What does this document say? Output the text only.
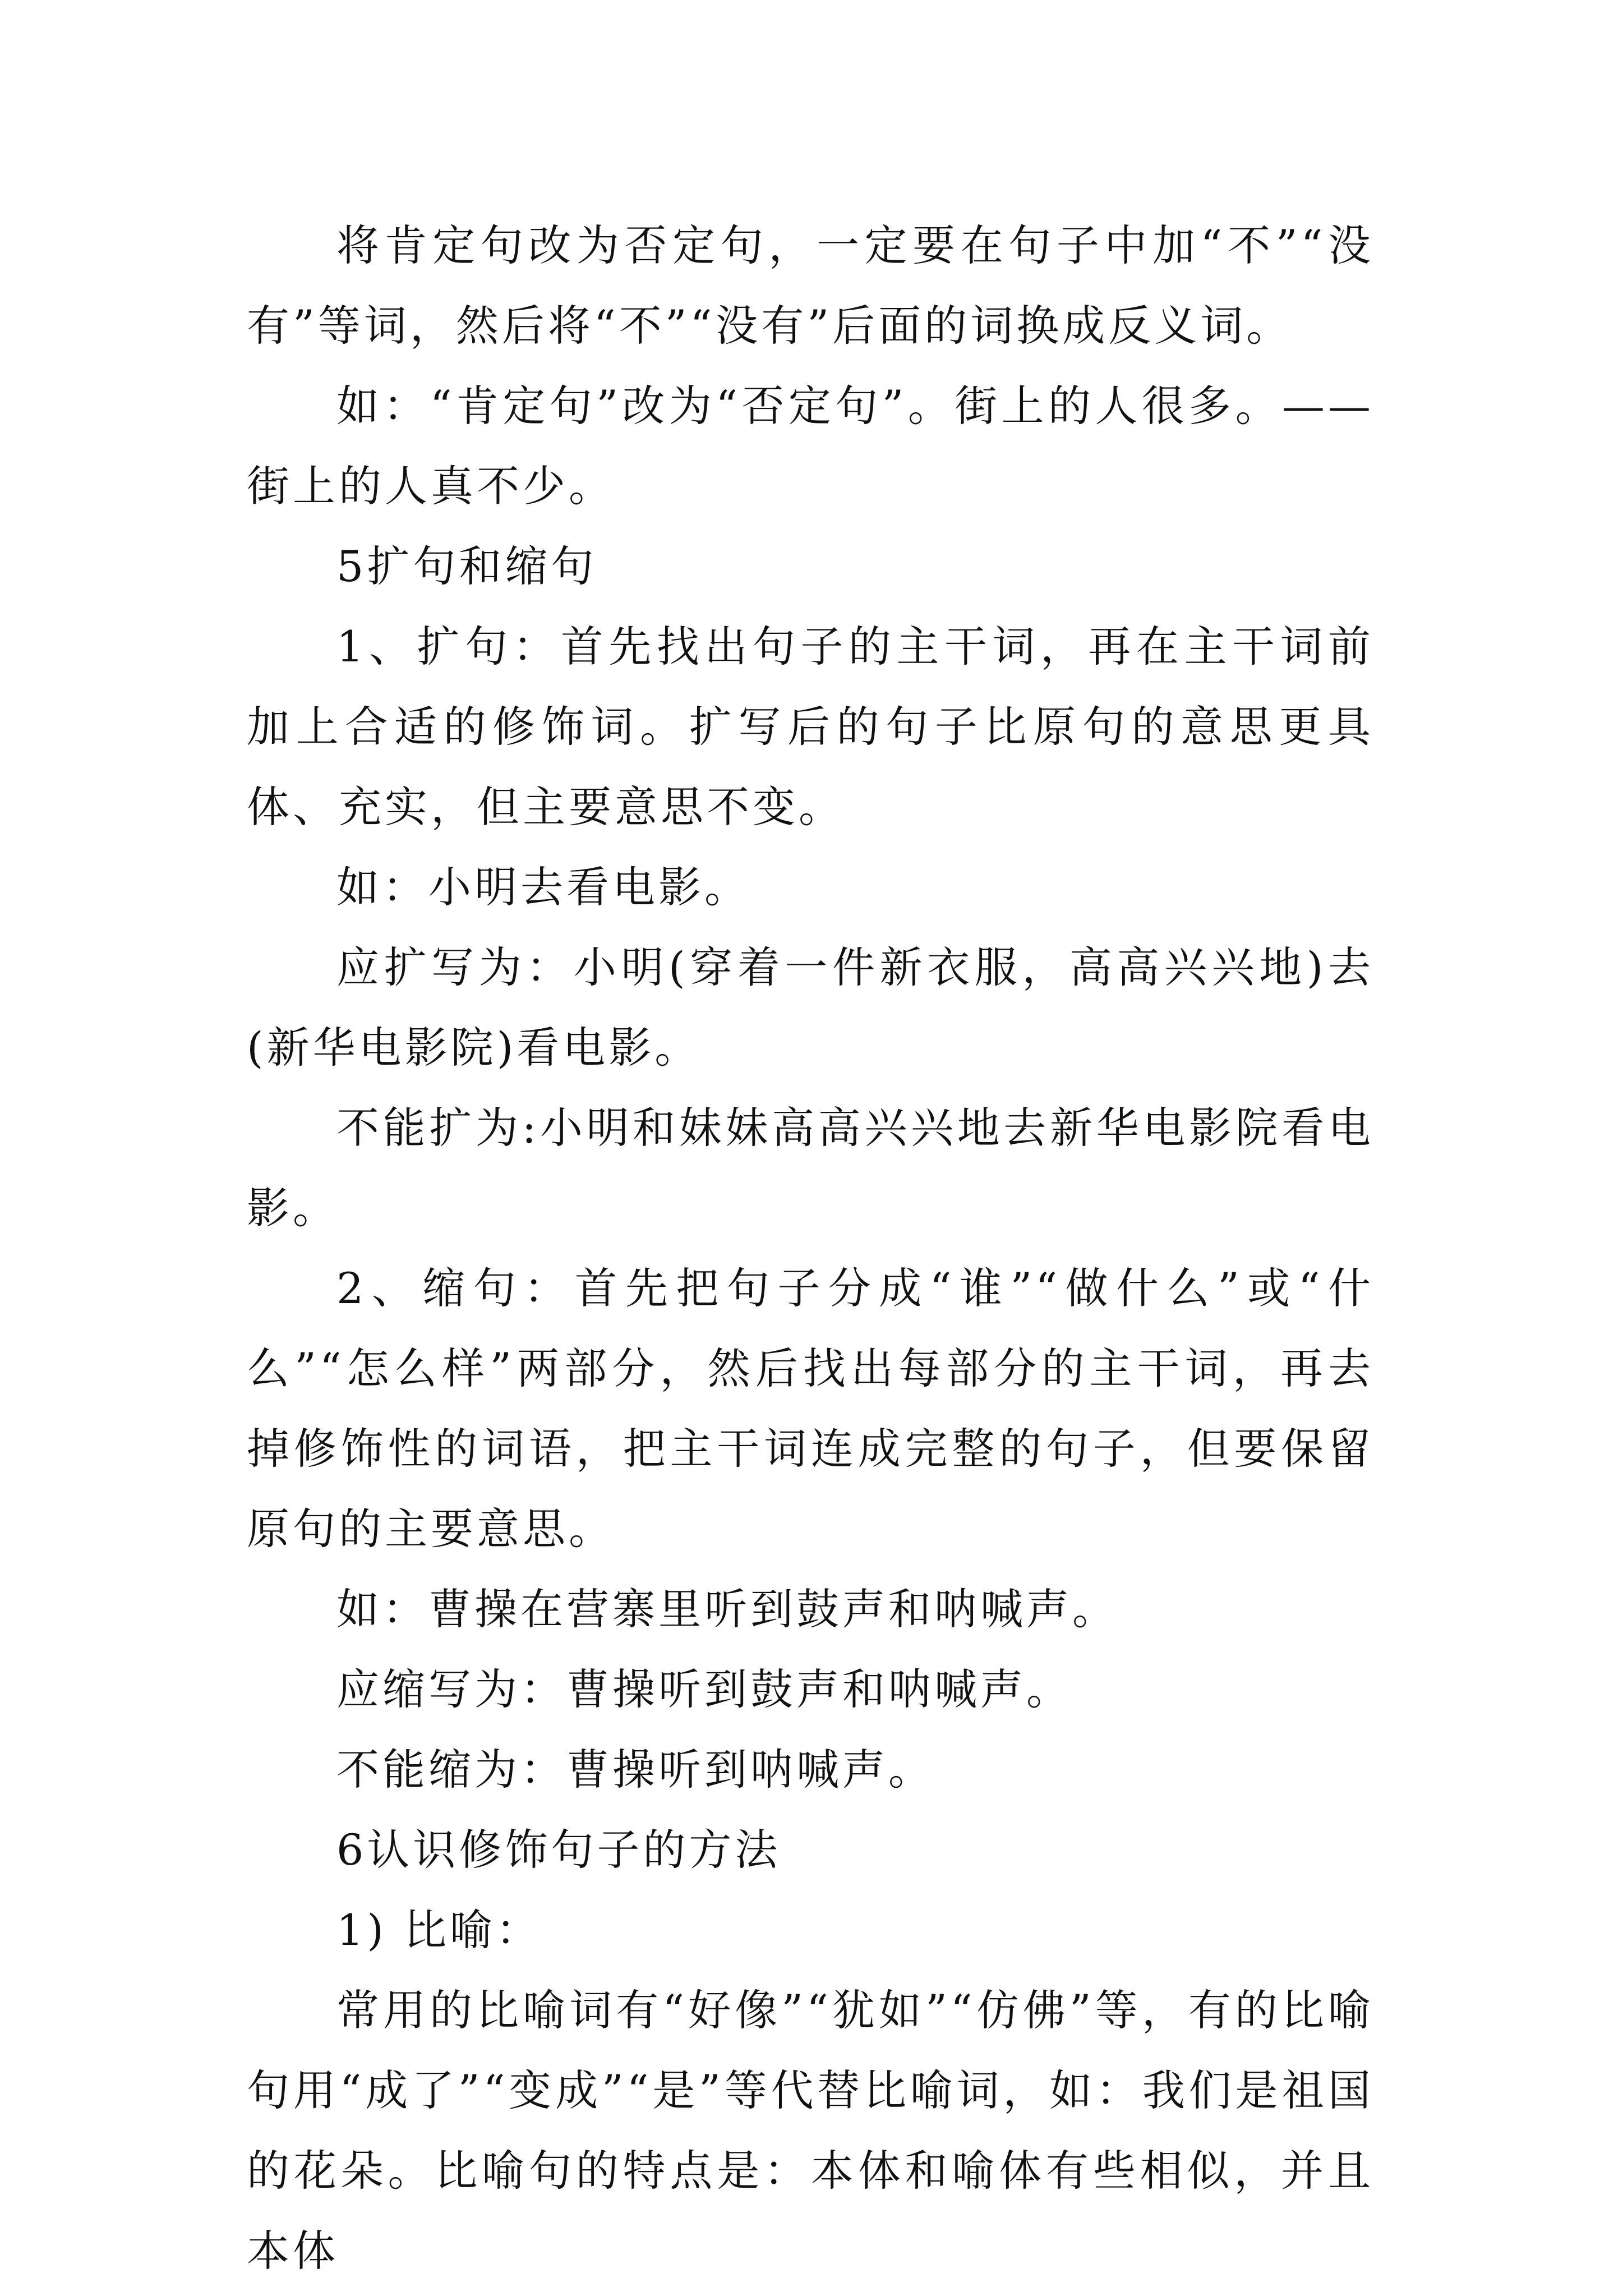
将肯定句改为否定句，一定要在句子中加“不”“没有”等词，然后将“不”“没有”后面的词换成反义词。

如：“肯定句”改为“否定句”。街上的人很多。——街上的人真不少。

5扩句和缩句

1、扩句：首先找出句子的主干词，再在主干词前加上合适的修饰词。扩写后的句子比原句的意思更具体、充实，但主要意思不变。

如：小明去看电影。

应扩写为：小明(穿着一件新衣服，高高兴兴地)去(新华电影院)看电影。

不能扩为:小明和妹妹高高兴兴地去新华电影院看电影。

2、缩句：首先把句子分成“谁”“做什么”或“什么”“怎么样”两部分，然后找出每部分的主干词，再去掉修饰性的词语，把主干词连成完整的句子，但要保留原句的主要意思。

如：曹操在营寨里听到鼓声和呐喊声。

应缩写为：曹操听到鼓声和呐喊声。

不能缩为：曹操听到呐喊声。

6认识修饰句子的方法

1) 比喻：

常用的比喻词有“好像”“犹如”“仿佛”等，有的比喻句用“成了”“变成”“是”等代替比喻词，如：我们是祖国的花朵。比喻句的特点是：本体和喻体有些相似，并且本体
